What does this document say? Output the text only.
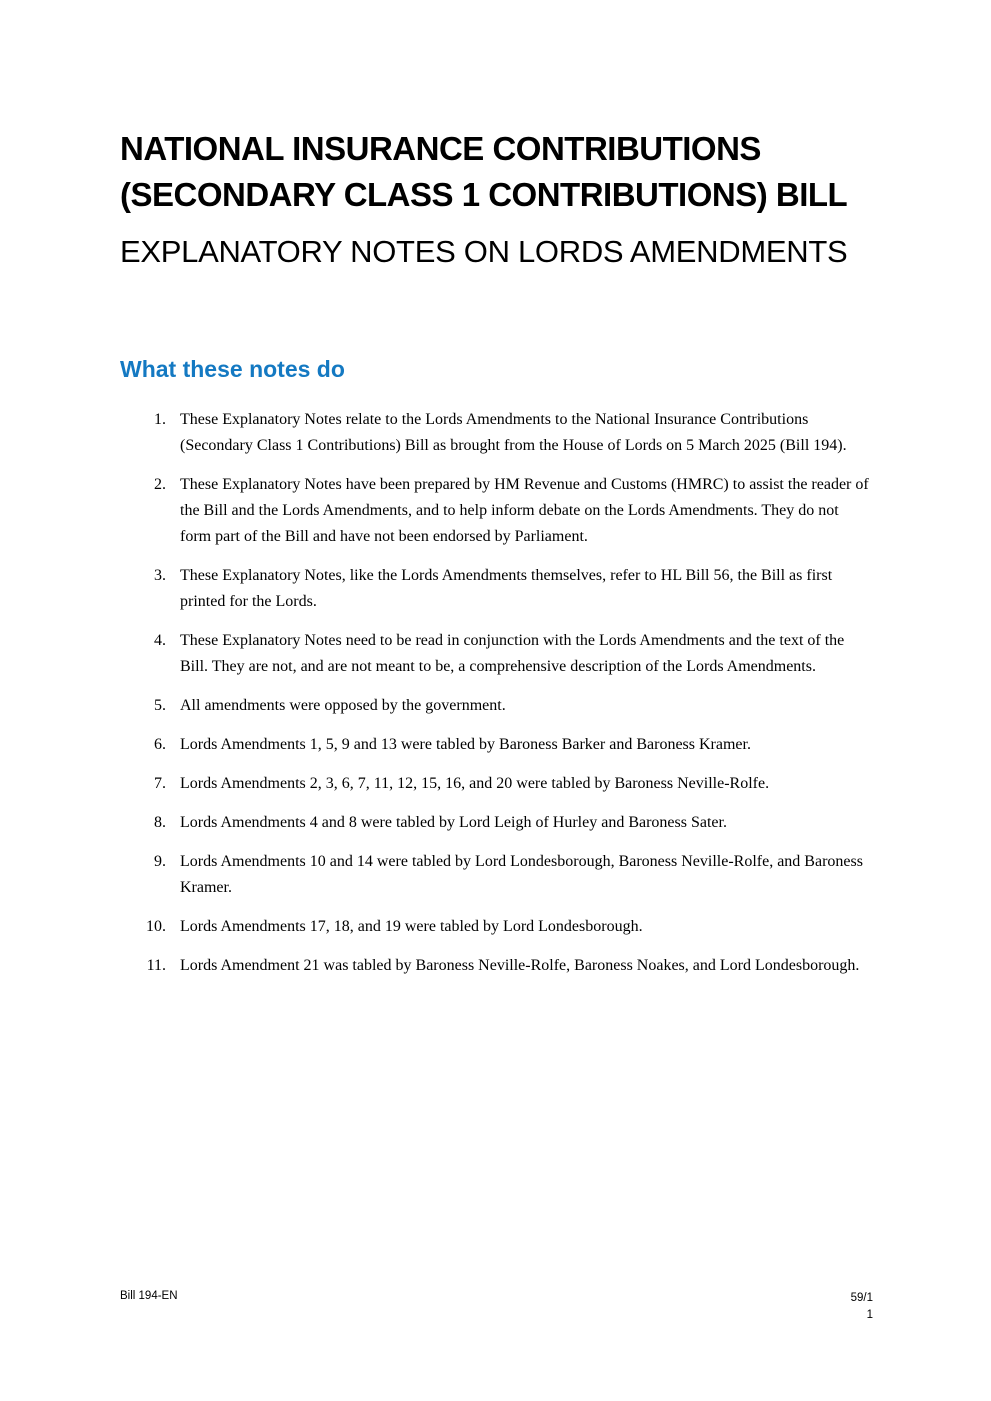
NATIONAL INSURANCE CONTRIBUTIONS (SECONDARY CLASS 1 CONTRIBUTIONS) BILL
EXPLANATORY NOTES ON LORDS AMENDMENTS
What these notes do
1. These Explanatory Notes relate to the Lords Amendments to the National Insurance Contributions (Secondary Class 1 Contributions) Bill as brought from the House of Lords on 5 March 2025 (Bill 194).
2. These Explanatory Notes have been prepared by HM Revenue and Customs (HMRC) to assist the reader of the Bill and the Lords Amendments, and to help inform debate on the Lords Amendments. They do not form part of the Bill and have not been endorsed by Parliament.
3. These Explanatory Notes, like the Lords Amendments themselves, refer to HL Bill 56, the Bill as first printed for the Lords.
4. These Explanatory Notes need to be read in conjunction with the Lords Amendments and the text of the Bill. They are not, and are not meant to be, a comprehensive description of the Lords Amendments.
5. All amendments were opposed by the government.
6. Lords Amendments 1, 5, 9 and 13 were tabled by Baroness Barker and Baroness Kramer.
7. Lords Amendments 2, 3, 6, 7, 11, 12, 15, 16, and 20 were tabled by Baroness Neville-Rolfe.
8. Lords Amendments 4 and 8 were tabled by Lord Leigh of Hurley and Baroness Sater.
9. Lords Amendments 10 and 14 were tabled by Lord Londesborough, Baroness Neville-Rolfe, and Baroness Kramer.
10. Lords Amendments 17, 18, and 19 were tabled by Lord Londesborough.
11. Lords Amendment 21 was tabled by Baroness Neville-Rolfe, Baroness Noakes, and Lord Londesborough.
Bill 194-EN	59/1
1
